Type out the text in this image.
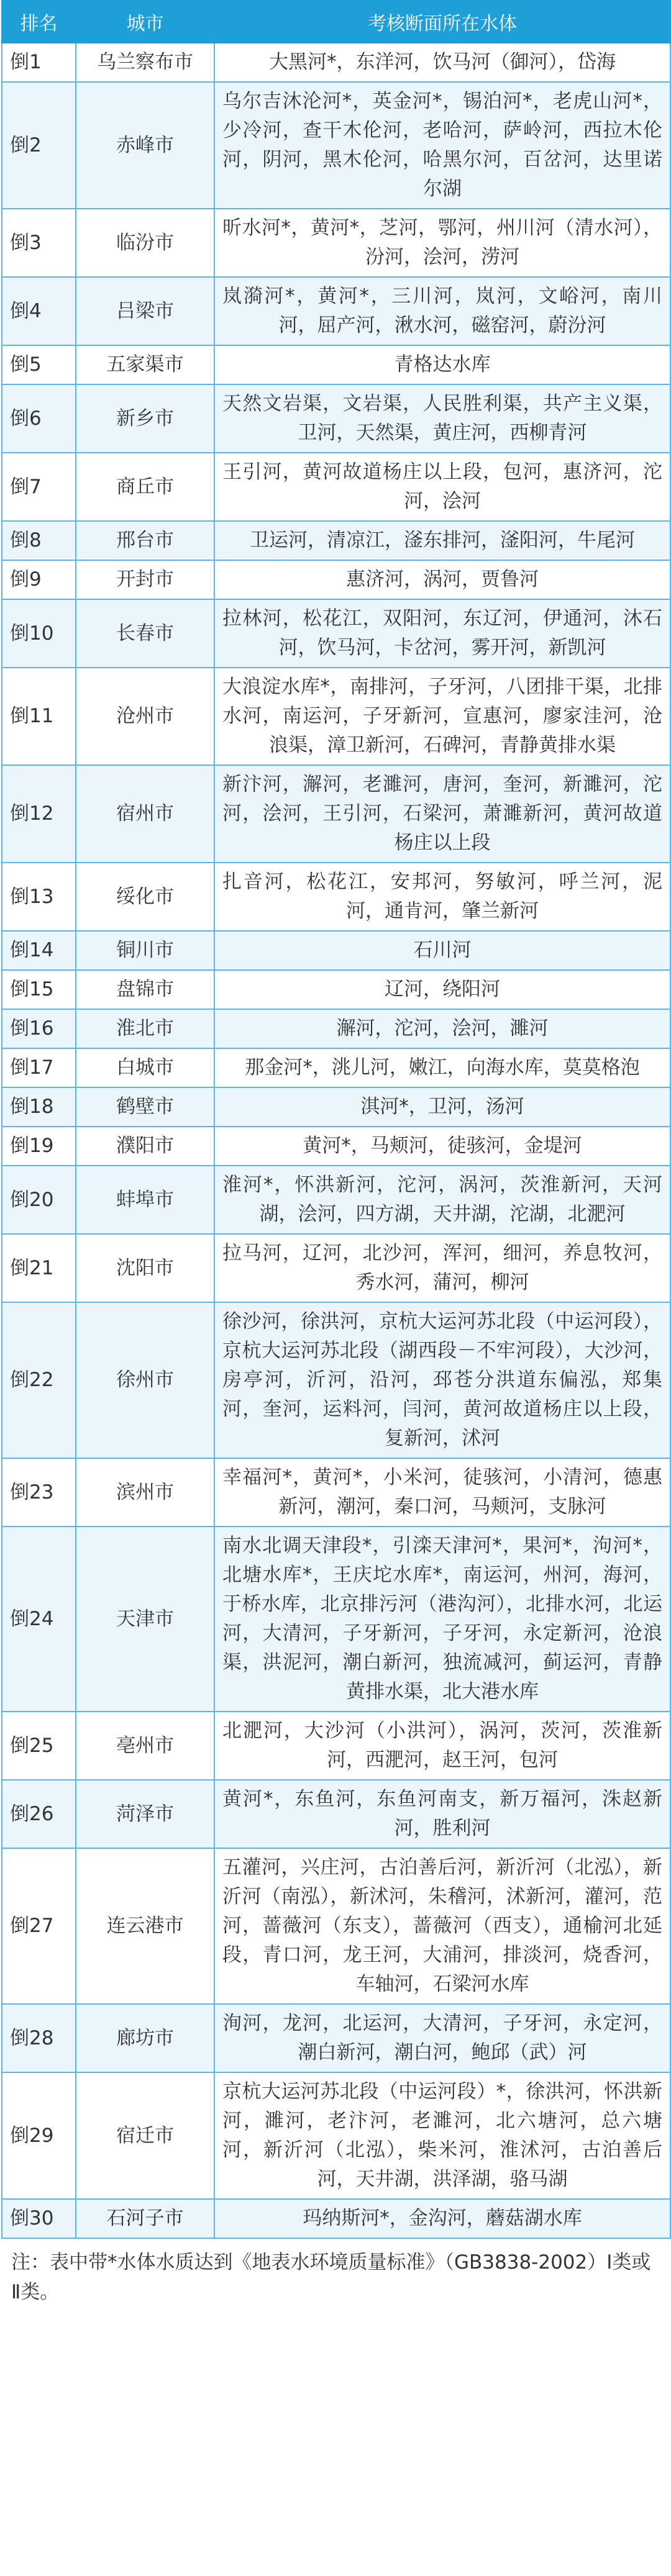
排名	城市	考核断面所在水体
倒1	乌兰察布市	大黑河*，东洋河，饮马河（御河），岱海
倒2	赤峰市	乌尔吉沐沦河*，英金河*，锡泊河*，老虎山河*，少冷河，查干木伦河，老哈河，萨岭河，西拉木伦河，阴河，黑木伦河，哈黑尔河，百岔河，达里诺尔湖
倒3	临汾市	昕水河*，黄河*，芝河，鄂河，州川河（清水河），汾河，浍河，涝河
倒4	吕梁市	岚漪河*，黄河*，三川河，岚河，文峪河，南川河，屈产河，湫水河，磁窑河，蔚汾河
倒5	五家渠市	青格达水库
倒6	新乡市	天然文岩渠，文岩渠，人民胜利渠，共产主义渠，卫河，天然渠，黄庄河，西柳青河
倒7	商丘市	王引河，黄河故道杨庄以上段，包河，惠济河，沱河，浍河
倒8	邢台市	卫运河，清凉江，滏东排河，滏阳河，牛尾河
倒9	开封市	惠济河，涡河，贾鲁河
倒10	长春市	拉林河，松花江，双阳河，东辽河，伊通河，沐石河，饮马河，卡岔河，雾开河，新凯河
倒11	沧州市	大浪淀水库*，南排河，子牙河，八团排干渠，北排水河，南运河，子牙新河，宣惠河，廖家洼河，沧浪渠，漳卫新河，石碑河，青静黄排水渠
倒12	宿州市	新汴河，澥河，老濉河，唐河，奎河，新濉河，沱河，浍河，王引河，石梁河，萧濉新河，黄河故道杨庄以上段
倒13	绥化市	扎音河，松花江，安邦河，努敏河，呼兰河，泥河，通肯河，肇兰新河
倒14	铜川市	石川河
倒15	盘锦市	辽河，绕阳河
倒16	淮北市	澥河，沱河，浍河，濉河
倒17	白城市	那金河*，洮儿河，嫩江，向海水库，莫莫格泡
倒18	鹤壁市	淇河*，卫河，汤河
倒19	濮阳市	黄河*，马颊河，徒骇河，金堤河
倒20	蚌埠市	淮河*，怀洪新河，沱河，涡河，茨淮新河，天河湖，浍河，四方湖，天井湖，沱湖，北淝河
倒21	沈阳市	拉马河，辽河，北沙河，浑河，细河，养息牧河，秀水河，蒲河，柳河
倒22	徐州市	徐沙河，徐洪河，京杭大运河苏北段（中运河段），京杭大运河苏北段（湖西段－不牢河段），大沙河，房亭河，沂河，沿河，邳苍分洪道东偏泓，郑集河，奎河，运料河，闫河，黄河故道杨庄以上段，复新河，沭河
倒23	滨州市	幸福河*，黄河*，小米河，徒骇河，小清河，德惠新河，潮河，秦口河，马颊河，支脉河
倒24	天津市	南水北调天津段*，引滦天津河*，果河*，泃河*，北塘水库*，王庆坨水库*，南运河，州河，海河，于桥水库，北京排污河（港沟河），北排水河，北运河，大清河，子牙新河，子牙河，永定新河，沧浪渠，洪泥河，潮白新河，独流减河，蓟运河，青静黄排水渠，北大港水库
倒25	亳州市	北淝河，大沙河（小洪河），涡河，茨河，茨淮新河，西淝河，赵王河，包河
倒26	菏泽市	黄河*，东鱼河，东鱼河南支，新万福河，洙赵新河，胜利河
倒27	连云港市	五灌河，兴庄河，古泊善后河，新沂河（北泓），新沂河（南泓），新沭河，朱稽河，沭新河，灌河，范河，蔷薇河（东支），蔷薇河（西支），通榆河北延段，青口河，龙王河，大浦河，排淡河，烧香河，车轴河，石梁河水库
倒28	廊坊市	洵河，龙河，北运河，大清河，子牙河，永定河，潮白新河，潮白河，鲍邱（武）河
倒29	宿迁市	京杭大运河苏北段（中运河段）*，徐洪河，怀洪新河，濉河，老汴河，老濉河，北六塘河，总六塘河，新沂河（北泓），柴米河，淮沭河，古泊善后河，天井湖，洪泽湖，骆马湖
倒30	石河子市	玛纳斯河*，金沟河，蘑菇湖水库

注：表中带*水体水质达到《地表水环境质量标准》（GB3838-2002）Ⅰ类或Ⅱ类。
